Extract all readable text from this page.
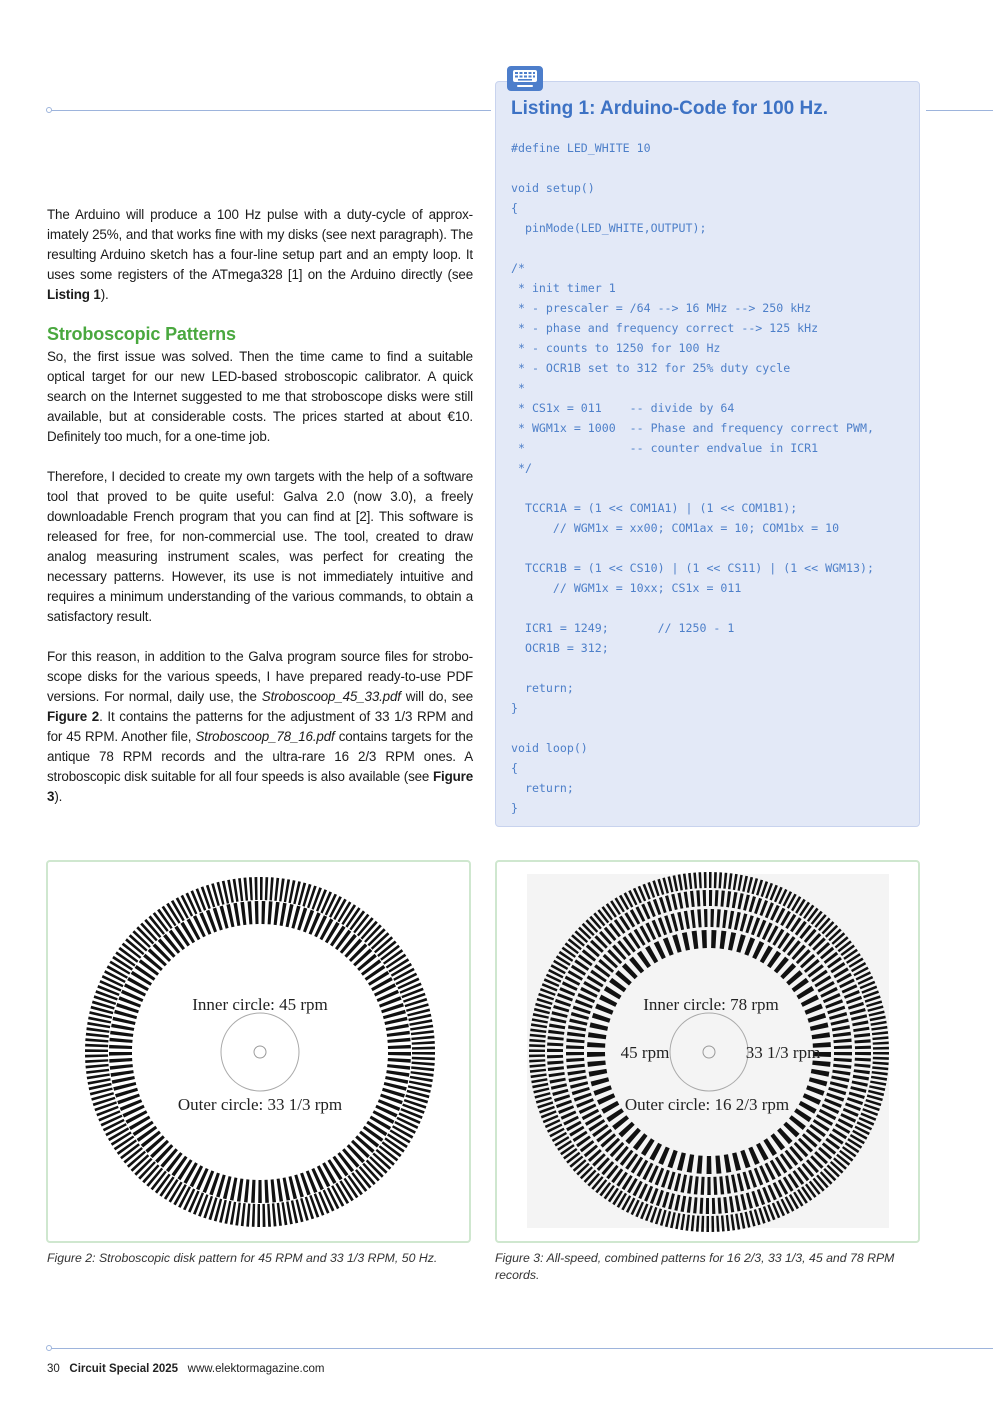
The Arduino will produce a 100 Hz pulse with a duty-cycle of approx-imately 25%, and that works fine with my disks (see next paragraph). The resulting Arduino sketch has a four-line setup part and an empty loop. It uses some registers of the ATmega328 [1] on the Arduino directly (see Listing 1).

Stroboscopic Patterns

So, the first issue was solved. Then the time came to find a suitable optical target for our new LED-based stroboscopic calibrator. A quick search on the Internet suggested to me that stroboscope disks were still available, but at considerable costs. The prices started at about €10. Definitely too much, for a one-time job.

Therefore, I decided to create my own targets with the help of a software tool that proved to be quite useful: Galva 2.0 (now 3.0), a freely downloadable French program that you can find at [2]. This software is released for free, for non-commercial use. The tool, created to draw analog measuring instrument scales, was perfect for creating the necessary patterns. However, its use is not immediately intuitive and requires a minimum understanding of the various commands, to obtain a satisfactory result.

For this reason, in addition to the Galva program source files for strobo-scope disks for the various speeds, I have prepared ready-to-use PDF versions. For normal, daily use, the Stroboscoop_45_33.pdf will do, see Figure 2. It contains the patterns for the adjustment of 33 1/3 RPM and for 45 RPM. Another file, Stroboscoop_78_16.pdf contains targets for the antique 78 RPM records and the ultra-rare 16 2/3 RPM ones. A stroboscopic disk suitable for all four speeds is also available (see Figure 3).

Listing 1: Arduino-Code for 100 Hz.
#define LED_WHITE 10

void setup()
{
pinMode(LED_WHITE,OUTPUT);

/*
* init timer 1
* - prescaler = /64 --> 16 MHz --> 250 kHz
* - phase and frequency correct --> 125 kHz
* - counts to 1250 for 100 Hz
* - OCR1B set to 312 for 25% duty cycle
*
* CS1x = 011    -- divide by 64
* WGM1x = 1000  -- Phase and frequency correct PWM,
*               -- counter endvalue in ICR1
*/

TCCR1A = (1 << COM1A1) | (1 << COM1B1);
// WGM1x = xx00; COM1ax = 10; COM1bx = 10

TCCR1B = (1 << CS10) | (1 << CS11) | (1 << WGM13);
// WGM1x = 10xx; CS1x = 011

ICR1 = 1249;       // 1250 - 1
OCR1B = 312;

return;
}

void loop()
{
return;
}
Inner circle: 45 rpm
Outer circle: 33 1/3 rpm
Inner circle: 78 rpm
45 rpm	33 1/3 rpm
Outer circle: 16 2/3 rpm
Figure 2: Stroboscopic disk pattern for 45 RPM and 33 1/3 RPM, 50 Hz.	Figure 3: All-speed, combined patterns for 16 2/3, 33 1/3, 45 and 78 RPM records.
30 Circuit Special 2025 www.elektormagazine.com
